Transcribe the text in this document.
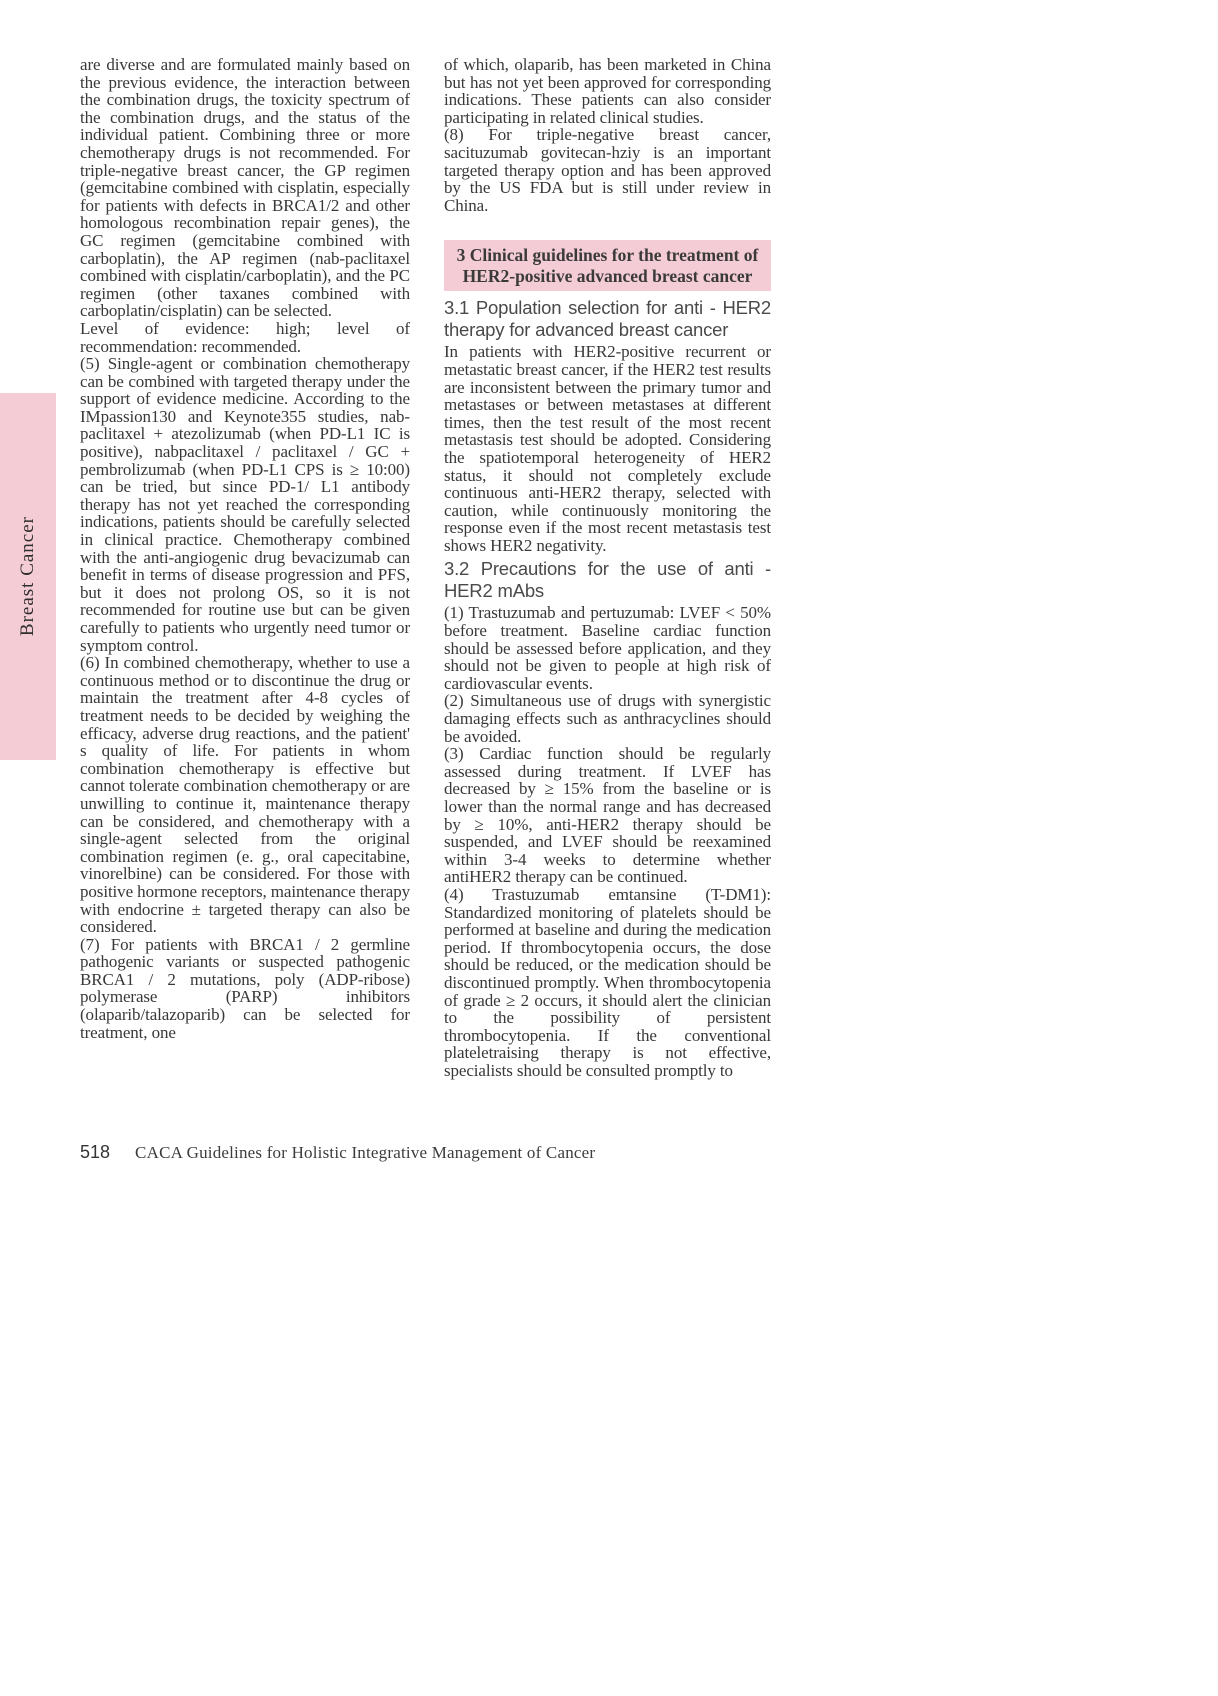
Breast Cancer

are diverse and are formulated mainly based on the previous evidence, the interaction between the combination drugs, the toxicity spectrum of the combination drugs, and the status of the individual patient. Combining three or more chemotherapy drugs is not recommended. For triple-negative breast cancer, the GP regimen (gemcitabine combined with cisplatin, especially for patients with defects in BRCA1/2 and other homologous recombination repair genes), the GC regimen (gemcitabine combined with carboplatin), the AP regimen (nab-paclitaxel combined with cisplatin/carboplatin), and the PC regimen (other taxanes combined with carboplatin/cisplatin) can be selected.

Level of evidence: high; level of recommendation: recommended.

(5) Single-agent or combination chemotherapy can be combined with targeted therapy under the support of evidence medicine. According to the IMpassion130 and Keynote355 studies, nab-paclitaxel + atezolizumab (when PD-L1 IC is positive), nabpaclitaxel / paclitaxel / GC + pembrolizumab (when PD-L1 CPS is ≥ 10:00) can be tried, but since PD-1/ L1 antibody therapy has not yet reached the corresponding indications, patients should be carefully selected in clinical practice. Chemotherapy combined with the anti-angiogenic drug bevacizumab can benefit in terms of disease progression and PFS, but it does not prolong OS, so it is not recommended for routine use but can be given carefully to patients who urgently need tumor or symptom control.

(6) In combined chemotherapy, whether to use a continuous method or to discontinue the drug or maintain the treatment after 4-8 cycles of treatment needs to be decided by weighing the efficacy, adverse drug reactions, and the patient' s quality of life. For patients in whom combination chemotherapy is effective but cannot tolerate combination chemotherapy or are unwilling to continue it, maintenance therapy can be considered, and chemotherapy with a single-agent selected from the original combination regimen (e. g., oral capecitabine, vinorelbine) can be considered. For those with positive hormone receptors, maintenance therapy with endocrine ± targeted therapy can also be considered.

(7) For patients with BRCA1 / 2 germline pathogenic variants or suspected pathogenic BRCA1 / 2 mutations, poly (ADP-ribose) polymerase (PARP) inhibitors (olaparib/talazoparib) can be selected for treatment, one

of which, olaparib, has been marketed in China but has not yet been approved for corresponding indications. These patients can also consider participating in related clinical studies.

(8) For triple-negative breast cancer, sacituzumab govitecan-hziy is an important targeted therapy option and has been approved by the US FDA but is still under review in China.

3 Clinical guidelines for the treatment of
HER2-positive advanced breast cancer
3.1 Population selection for anti - HER2 therapy for advanced breast cancer

In patients with HER2-positive recurrent or metastatic breast cancer, if the HER2 test results are inconsistent between the primary tumor and metastases or between metastases at different times, then the test result of the most recent metastasis test should be adopted. Considering the spatiotemporal heterogeneity of HER2 status, it should not completely exclude continuous anti-HER2 therapy, selected with caution, while continuously monitoring the response even if the most recent metastasis test shows HER2 negativity.

3.2 Precautions for the use of anti - HER2 mAbs

(1) Trastuzumab and pertuzumab: LVEF < 50% before treatment. Baseline cardiac function should be assessed before application, and they should not be given to people at high risk of cardiovascular events.

(2) Simultaneous use of drugs with synergistic damaging effects such as anthracyclines should be avoided.

(3) Cardiac function should be regularly assessed during treatment. If LVEF has decreased by ≥ 15% from the baseline or is lower than the normal range and has decreased by ≥ 10%, anti-HER2 therapy should be suspended, and LVEF should be reexamined within 3-4 weeks to determine whether antiHER2 therapy can be continued.

(4) Trastuzumab emtansine (T-DM1): Standardized monitoring of platelets should be performed at baseline and during the medication period. If thrombocytopenia occurs, the dose should be reduced, or the medication should be discontinued promptly. When thrombocytopenia of grade ≥ 2 occurs, it should alert the clinician to the possibility of persistent thrombocytopenia. If the conventional plateletraising therapy is not effective, specialists should be consulted promptly to

518 CACA Guidelines for Holistic Integrative Management of Cancer
